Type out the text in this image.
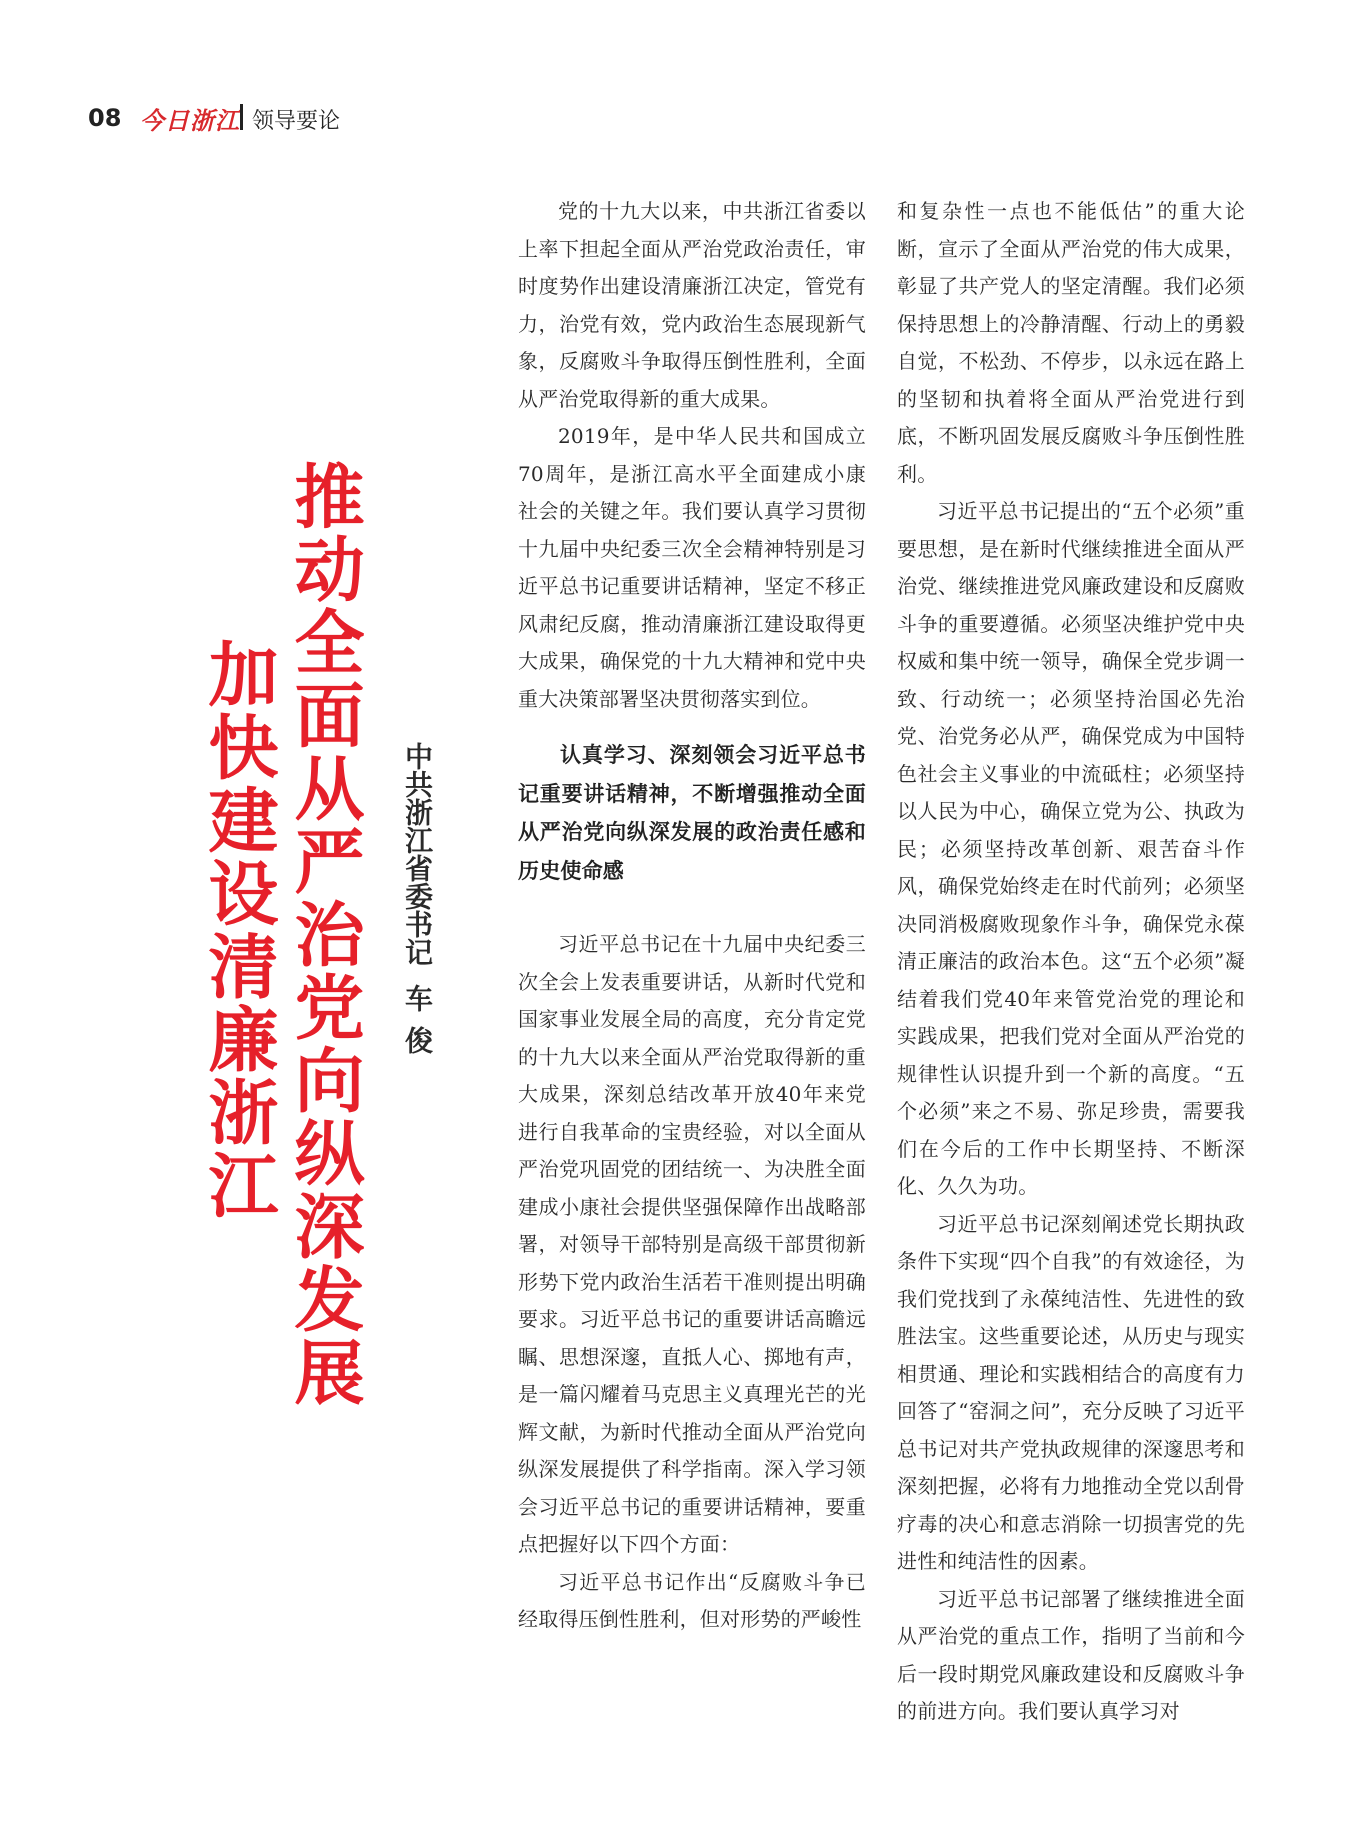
08 今日浙江 领导要论
推动全面从严治党向纵深发展
加快建设清廉浙江	中共浙江省委书记车俊

党的十九大以来，中共浙江省委以上率下担起全面从严治党政治责任，审时度势作出建设清廉浙江决定，管党有力，治党有效，党内政治生态展现新气象，反腐败斗争取得压倒性胜利，全面从严治党取得新的重大成果。

2019年，是中华人民共和国成立70周年，是浙江高水平全面建成小康社会的关键之年。我们要认真学习贯彻十九届中央纪委三次全会精神特别是习近平总书记重要讲话精神，坚定不移正风肃纪反腐，推动清廉浙江建设取得更大成果，确保党的十九大精神和党中央重大决策部署坚决贯彻落实到位。

认真学习、深刻领会习近平总书记重要讲话精神，不断增强推动全面从严治党向纵深发展的政治责任感和历史使命感

习近平总书记在十九届中央纪委三次全会上发表重要讲话，从新时代党和国家事业发展全局的高度，充分肯定党的十九大以来全面从严治党取得新的重大成果，深刻总结改革开放40年来党进行自我革命的宝贵经验，对以全面从严治党巩固党的团结统一、为决胜全面建成小康社会提供坚强保障作出战略部署，对领导干部特别是高级干部贯彻新形势下党内政治生活若干准则提出明确要求。习近平总书记的重要讲话高瞻远瞩、思想深邃，直抵人心、掷地有声，是一篇闪耀着马克思主义真理光芒的光辉文献，为新时代推动全面从严治党向纵深发展提供了科学指南。深入学习领会习近平总书记的重要讲话精神，要重点把握好以下四个方面：

习近平总书记作出“反腐败斗争已经取得压倒性胜利，但对形势的严峻性

和复杂性一点也不能低估”的重大论断，宣示了全面从严治党的伟大成果，彰显了共产党人的坚定清醒。我们必须保持思想上的冷静清醒、行动上的勇毅自觉，不松劲、不停步，以永远在路上的坚韧和执着将全面从严治党进行到底，不断巩固发展反腐败斗争压倒性胜利。

习近平总书记提出的“五个必须”重要思想，是在新时代继续推进全面从严治党、继续推进党风廉政建设和反腐败斗争的重要遵循。必须坚决维护党中央权威和集中统一领导，确保全党步调一致、行动统一；必须坚持治国必先治党、治党务必从严，确保党成为中国特色社会主义事业的中流砥柱；必须坚持以人民为中心，确保立党为公、执政为民；必须坚持改革创新、艰苦奋斗作风，确保党始终走在时代前列；必须坚决同消极腐败现象作斗争，确保党永葆清正廉洁的政治本色。这“五个必须”凝结着我们党40年来管党治党的理论和实践成果，把我们党对全面从严治党的规律性认识提升到一个新的高度。“五个必须”来之不易、弥足珍贵，需要我们在今后的工作中长期坚持、不断深化、久久为功。

习近平总书记深刻阐述党长期执政条件下实现“四个自我”的有效途径，为我们党找到了永葆纯洁性、先进性的致胜法宝。这些重要论述，从历史与现实相贯通、理论和实践相结合的高度有力回答了“窑洞之问”，充分反映了习近平总书记对共产党执政规律的深邃思考和深刻把握，必将有力地推动全党以刮骨疗毒的决心和意志消除一切损害党的先进性和纯洁性的因素。

习近平总书记部署了继续推进全面从严治党的重点工作，指明了当前和今后一段时期党风廉政建设和反腐败斗争的前进方向。我们要认真学习对
